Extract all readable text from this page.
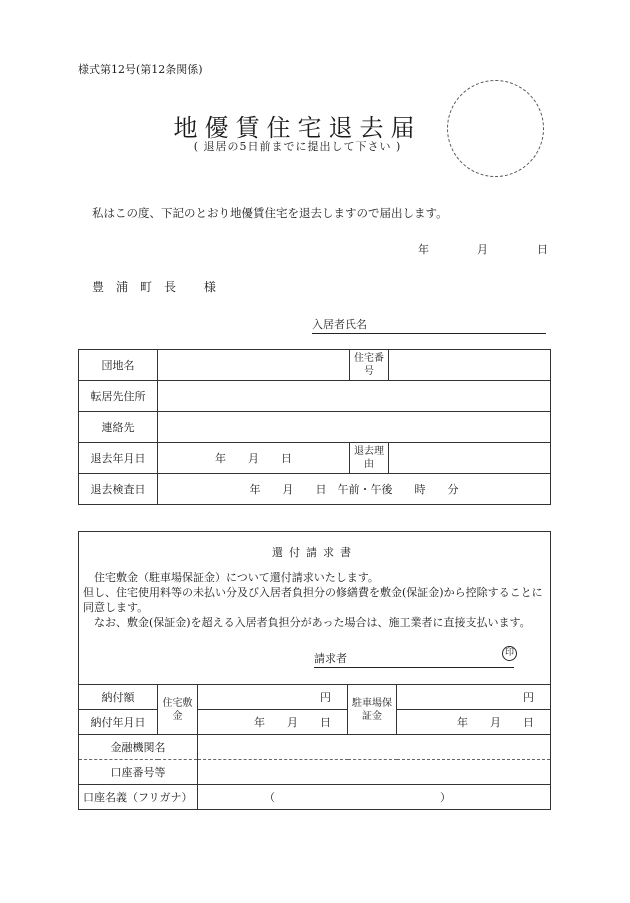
様式第12号(第12条関係)
地優賃住宅退去届
( 退居の5日前までに提出して下さい )
私はこの度、下記のとおり地優賃住宅を退去しますので届出します。
年	月	日
豊浦町長 様
入居者氏名
団地名		住宅番号	
転居先住所			
連絡先			
退去年月日	年　　月　　日	退去理由	
退去検査日	年　　月　　日　午前・午後　　時　　分		
還付請求書

住宅敷金（駐車場保証金）について還付請求いたします。

但し、住宅使用料等の未払い分及び入居者負担分の修繕費を敷金(保証金)から控除することに同意します。

なお、敷金(保証金)を超える入居者負担分があった場合は、施工業者に直接支払います。

請求者	印
納付額	住宅敷金	円	駐車場保証金	円
納付年月日		年　　月　　日		年　　月　　日
金融機関名				
口座番号等				
口座名義（フリガナ）		（　　　　　　　　　　　　　　　）		
